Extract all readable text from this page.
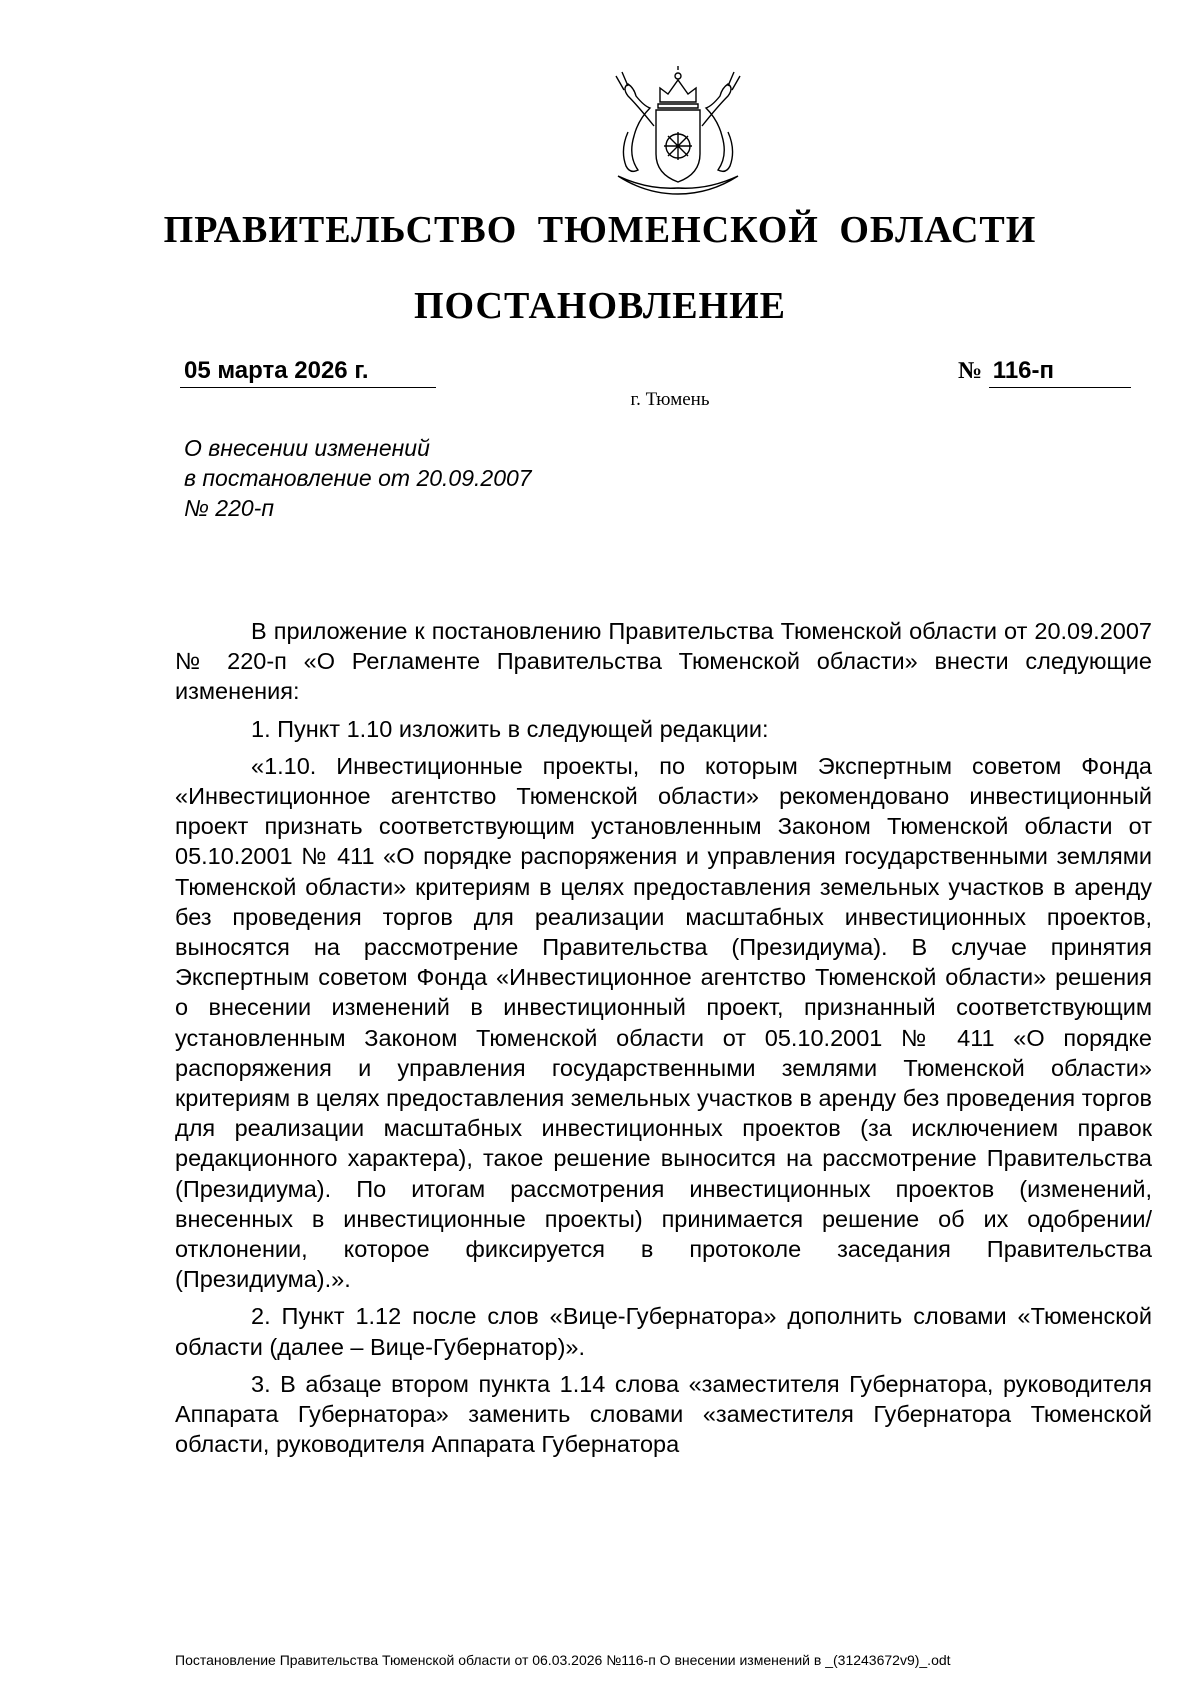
ПРАВИТЕЛЬСТВО ТЮМЕНСКОЙ ОБЛАСТИ
ПОСТАНОВЛЕНИЕ
05 марта 2026 г.	№ 116-п
г. Тюмень
О внесении изменений
в постановление от 20.09.2007
№ 220-п

В приложение к постановлению Правительства Тюменской области от 20.09.2007 № 220-п «О Регламенте Правительства Тюменской области» внести следующие изменения:

1. Пункт 1.10 изложить в следующей редакции:

«1.10. Инвестиционные проекты, по которым Экспертным советом Фонда «Инвестиционное агентство Тюменской области» рекомендовано инвестиционный проект признать соответствующим установленным Законом Тюменской области от 05.10.2001 № 411 «О порядке распоряжения и управления государственными землями Тюменской области» критериям в целях предоставления земельных участков в аренду без проведения торгов для реализации масштабных инвестиционных проектов, выносятся на рассмотрение Правительства (Президиума). В случае принятия Экспертным советом Фонда «Инвестиционное агентство Тюменской области» решения о внесении изменений в инвестиционный проект, признанный соответствующим установленным Законом Тюменской области от 05.10.2001 № 411 «О порядке распоряжения и управления государственными землями Тюменской области» критериям в целях предоставления земельных участков в аренду без проведения торгов для реализации масштабных инвестиционных проектов (за исключением правок редакционного характера), такое решение выносится на рассмотрение Правительства (Президиума). По итогам рассмотрения инвестиционных проектов (изменений, внесенных в инвестиционные проекты) принимается решение об их одобрении/отклонении, которое фиксируется в протоколе заседания Правительства (Президиума).».

2. Пункт 1.12 после слов «Вице-Губернатора» дополнить словами «Тюменской области (далее – Вице-Губернатор)».

3. В абзаце втором пункта 1.14 слова «заместителя Губернатора, руководителя Аппарата Губернатора» заменить словами «заместителя Губернатора Тюменской области, руководителя Аппарата Губернатора

Постановление Правительства Тюменской области от 06.03.2026 №116-п О внесении изменений в _(31243672v9)_.odt
